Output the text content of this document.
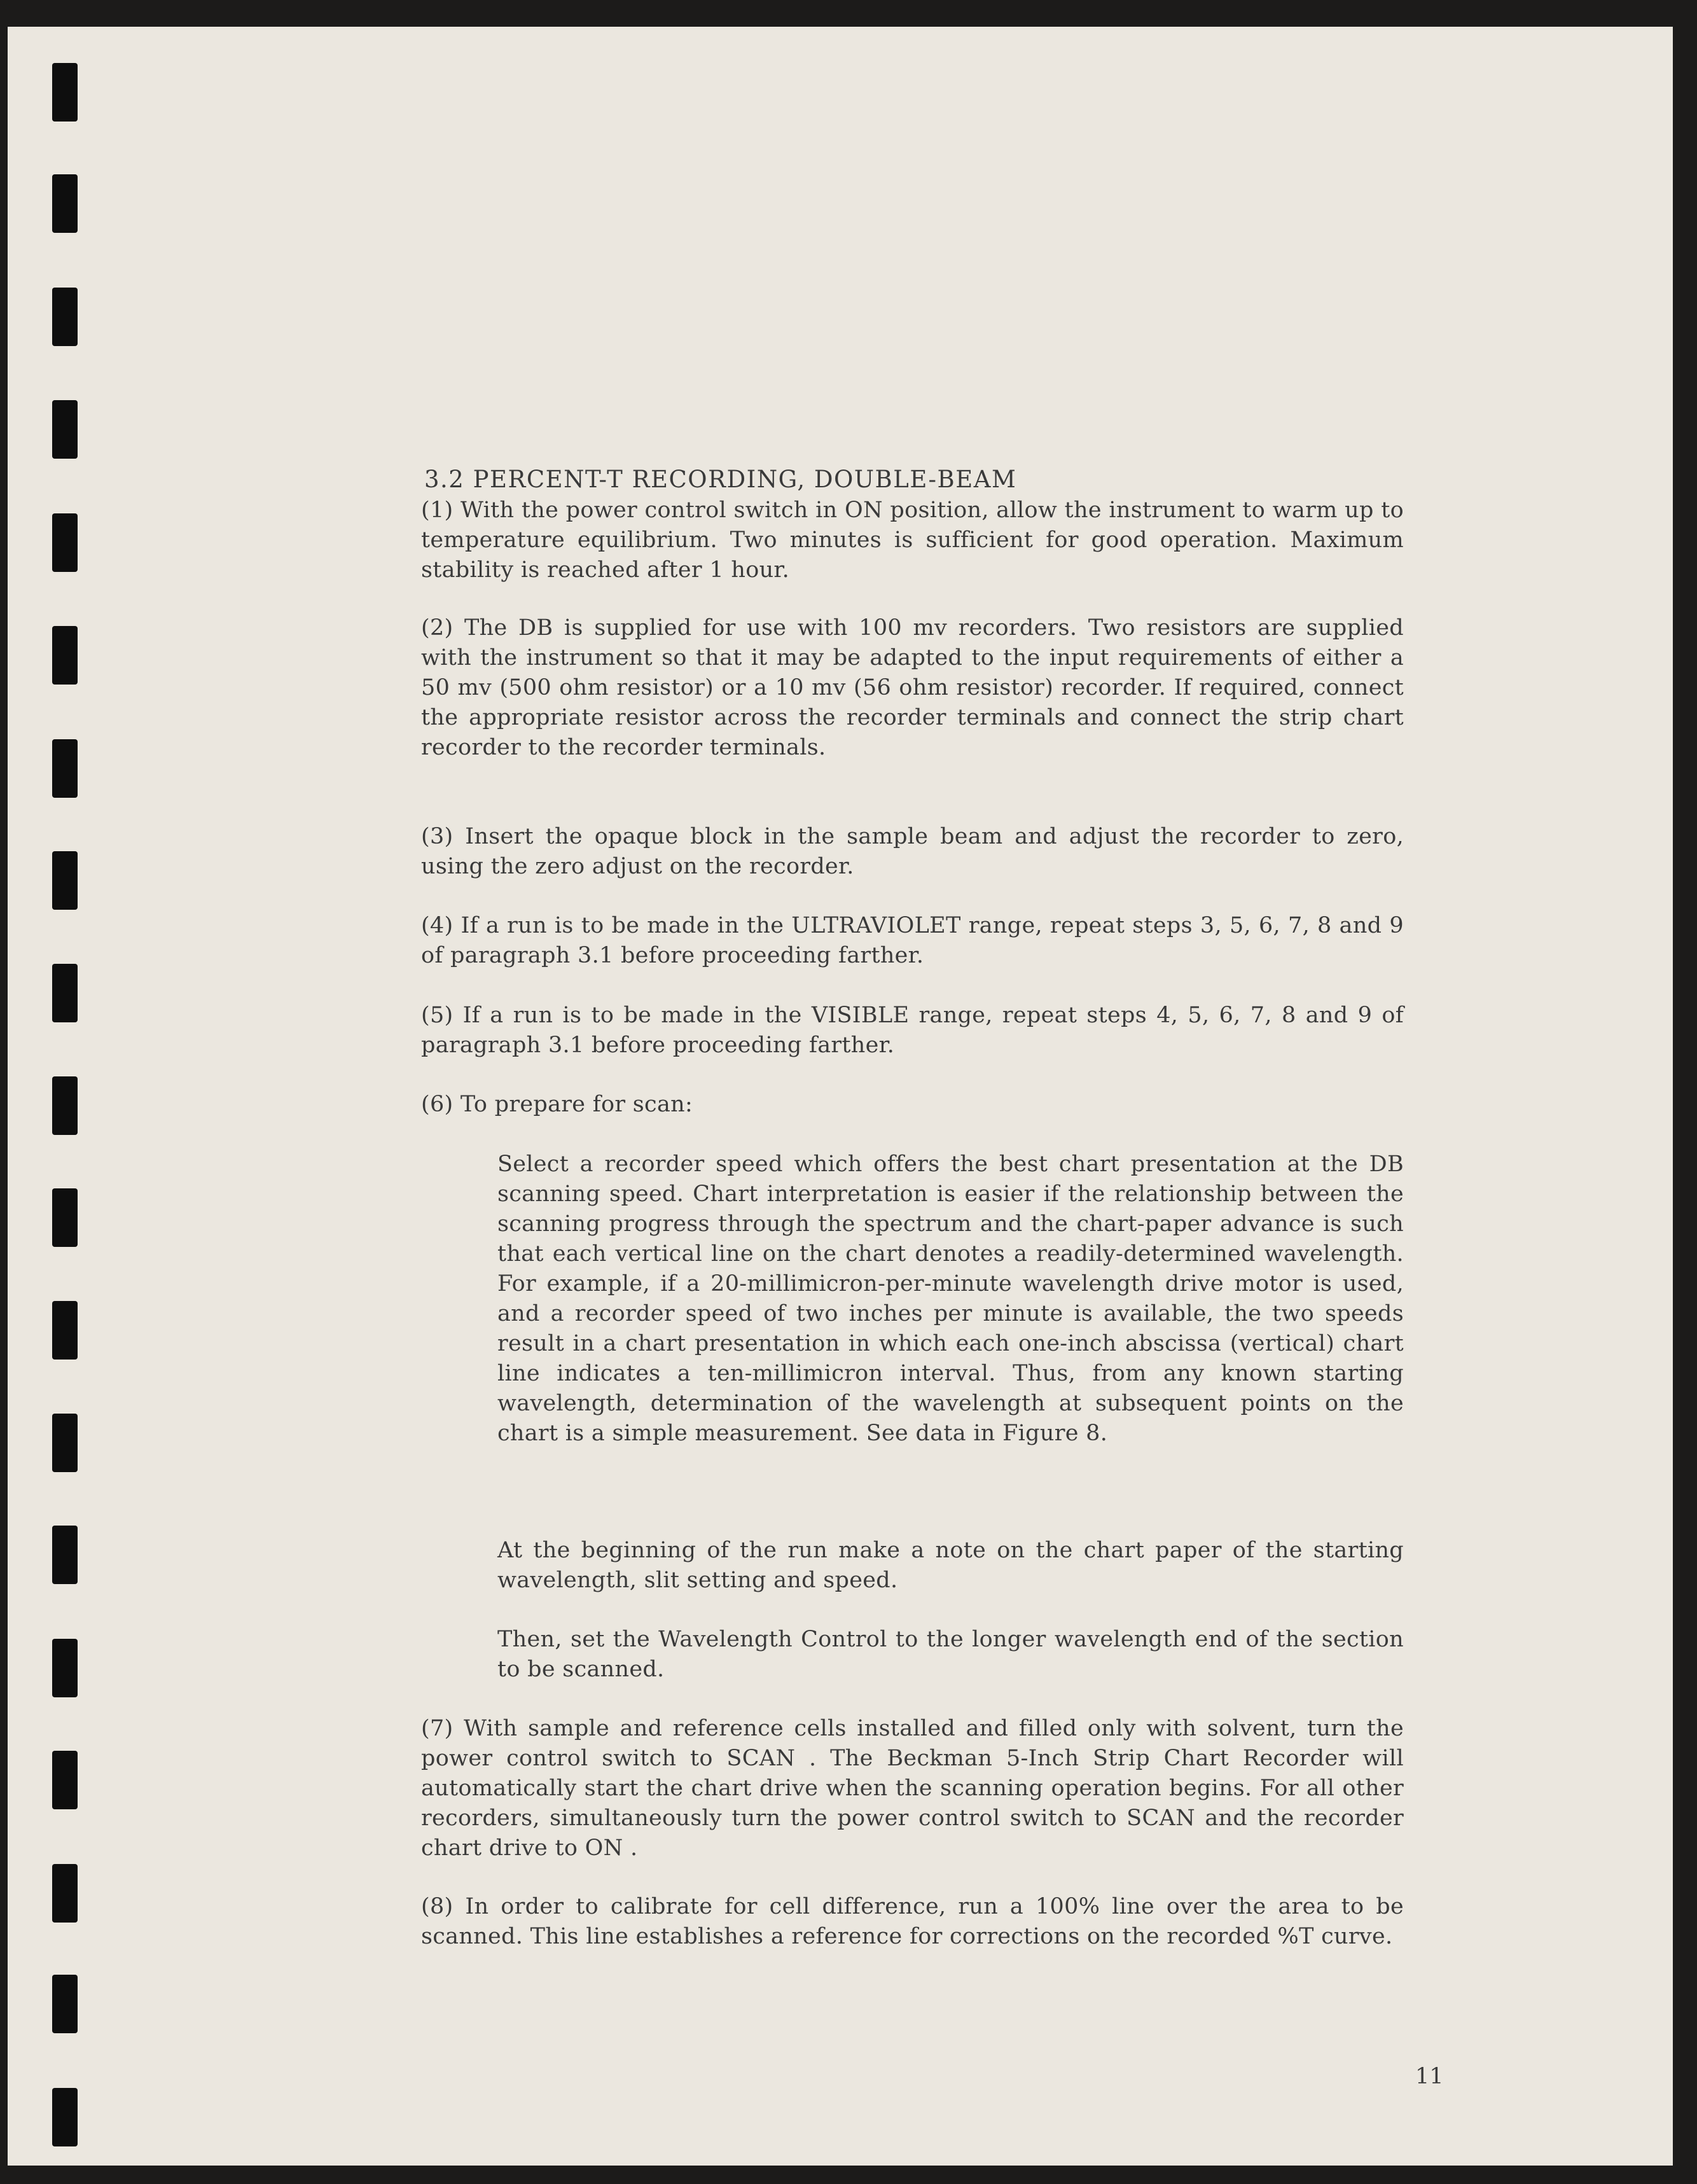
3.2 PERCENT-T RECORDING, DOUBLE-BEAM

(1) With the power control switch in ON position, allow the instrument to warm up to temperature equilibrium. Two minutes is sufficient for good operation. Maximum stability is reached after 1 hour.

(2) The DB is supplied for use with 100 mv recorders. Two resistors are supplied with the instrument so that it may be adapted to the input requirements of either a 50 mv (500 ohm resistor) or a 10 mv (56 ohm resistor) recorder. If required, connect the appropriate resistor across the recorder terminals and connect the strip chart recorder to the recorder terminals.

(3) Insert the opaque block in the sample beam and adjust the recorder to zero, using the zero adjust on the recorder.

(4) If a run is to be made in the ULTRAVIOLET range, repeat steps 3, 5, 6, 7, 8 and 9 of paragraph 3.1 before proceeding farther.

(5) If a run is to be made in the VISIBLE range, repeat steps 4, 5, 6, 7, 8 and 9 of paragraph 3.1 before proceeding farther.

(6) To prepare for scan:

Select a recorder speed which offers the best chart presentation at the DB scanning speed. Chart interpretation is easier if the relationship between the scanning progress through the spectrum and the chart-paper advance is such that each vertical line on the chart denotes a readily-determined wavelength. For example, if a 20-millimicron-per-minute wavelength drive motor is used, and a recorder speed of two inches per minute is available, the two speeds result in a chart presentation in which each one-inch abscissa (vertical) chart line indicates a ten-millimicron interval. Thus, from any known starting wavelength, determination of the wavelength at subsequent points on the chart is a simple measurement. See data in Figure 8.

At the beginning of the run make a note on the chart paper of the starting wavelength, slit setting and speed.

Then, set the Wavelength Control to the longer wavelength end of the section to be scanned.

(7) With sample and reference cells installed and filled only with solvent, turn the power control switch to SCAN . The Beckman 5-Inch Strip Chart Recorder will automatically start the chart drive when the scanning operation begins. For all other recorders, simultaneously turn the power control switch to SCAN and the recorder chart drive to ON .

(8) In order to calibrate for cell difference, run a 100% line over the area to be scanned. This line establishes a reference for corrections on the recorded %T curve.

11
